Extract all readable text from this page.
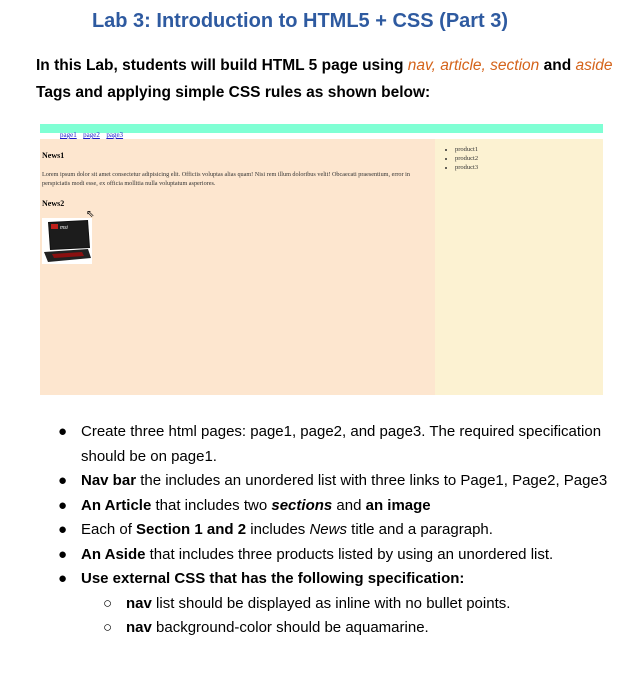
Lab 3: Introduction to HTML5 + CSS (Part 3)
In this Lab, students will build HTML 5 page using nav, article, section and aside
Tags and applying simple CSS rules as shown below:
page1 page2 page3
News1
Lorem ipsum dolor sit amet consectetur adipisicing elit. Officiis voluptas alias quam! Nisi rem illum doloribus velit! Obcaecati praesentium, error in perspiciatis modi esse, ex officia mollitia nulla voluptatum asperiores.
News2
msi
⇖
• product1
• product2
• product3
● Create three html pages: page1, page2, and page3. The required specification should be on page1.
● Nav bar the includes an unordered list with three links to Page1, Page2, Page3
● An Article that includes two sections and an image
● Each of Section 1 and 2 includes News title and a paragraph.
● An Aside that includes three products listed by using an unordered list.
● Use external CSS that has the following specification:
○ nav list should be displayed as inline with no bullet points.
○ nav background-color should be aquamarine.
